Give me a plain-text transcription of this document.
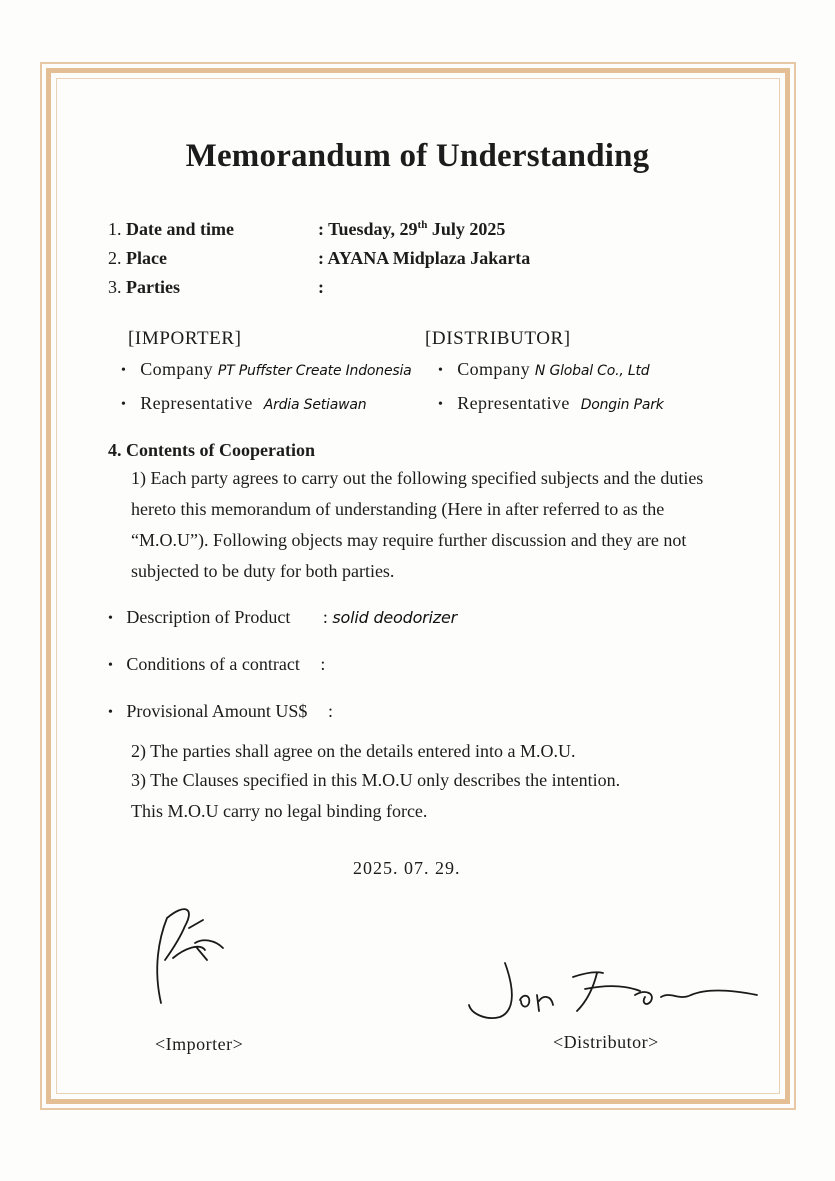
Memorandum of Understanding
1. Date and time	: Tuesday, 29th July 2025
2. Place	: AYANA Midplaza Jakarta
3. Parties	:
[IMPORTER]	[DISTRIBUTOR]
• Company PT Puffster Create Indonesia	• Company N Global Co., Ltd
• Representative Ardia Setiawan	• Representative Dongin Park
4. Contents of Cooperation
1) Each party agrees to carry out the following specified subjects and the duties hereto this memorandum of understanding (Here in after referred to as the “M.O.U”). Following objects may require further discussion and they are not subjected to be duty for both parties.
• Description of Product : solid deodorizer
• Conditions of a contract :
• Provisional Amount US$ :
2) The parties shall agree on the details entered into a M.O.U.
3) The Clauses specified in this M.O.U only describes the intention.
This M.O.U carry no legal binding force.
2025. 07. 29.
<Importer>	<Distributor>
